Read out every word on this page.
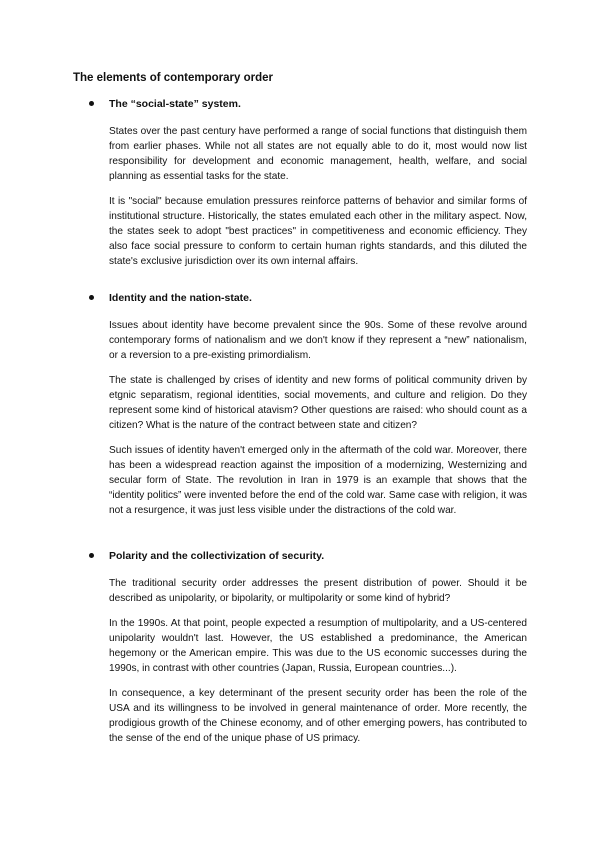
The elements of contemporary order
The “social-state” system.

States over the past century have performed a range of social functions that distinguish them from earlier phases. While not all states are not equally able to do it, most would now list responsibility for development and economic management, health, welfare, and social planning as essential tasks for the state.

It is "social" because emulation pressures reinforce patterns of behavior and similar forms of institutional structure. Historically, the states emulated each other in the military aspect. Now, the states seek to adopt "best practices" in competitiveness and economic efficiency. They also face social pressure to conform to certain human rights standards, and this diluted the state's exclusive jurisdiction over its own internal affairs.

Identity and the nation-state.

Issues about identity have become prevalent since the 90s. Some of these revolve around contemporary forms of nationalism and we don't know if they represent a “new” nationalism, or a reversion to a pre-existing primordialism.

The state is challenged by crises of identity and new forms of political community driven by etgnic separatism, regional identities, social movements, and culture and religion. Do they represent some kind of historical atavism? Other questions are raised: who should count as a citizen? What is the nature of the contract between state and citizen?

Such issues of identity haven't emerged only in the aftermath of the cold war. Moreover, there has been a widespread reaction against the imposition of a modernizing, Westernizing and secular form of State. The revolution in Iran in 1979 is an example that shows that the “identity politics” were invented before the end of the cold war. Same case with religion, it was not a resurgence, it was just less visible under the distractions of the cold war.

Polarity and the collectivization of security.

The traditional security order addresses the present distribution of power. Should it be described as unipolarity, or bipolarity, or multipolarity or some kind of hybrid?

In the 1990s. At that point, people expected a resumption of multipolarity, and a US-centered unipolarity wouldn't last. However, the US established a predominance, the American hegemony or the American empire. This was due to the US economic successes during the 1990s, in contrast with other countries (Japan, Russia, European countries...).

In consequence, a key determinant of the present security order has been the role of the USA and its willingness to be involved in general maintenance of order. More recently, the prodigious growth of the Chinese economy, and of other emerging powers, has contributed to the sense of the end of the unique phase of US primacy.
